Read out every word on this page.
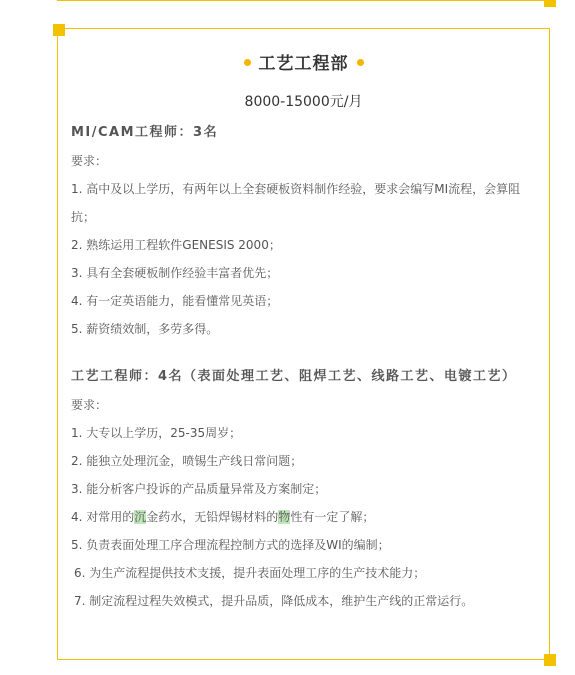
工艺工程部
8000-15000元/月
MI/CAM工程师：3名
要求：
1. 高中及以上学历，有两年以上全套硬板资料制作经验，要求会编写MI流程，会算阻抗；
2. 熟练运用工程软件GENESIS 2000；
3. 具有全套硬板制作经验丰富者优先；
4. 有一定英语能力，能看懂常见英语；
5. 薪资绩效制，多劳多得。
工艺工程师：4名（表面处理工艺、阻焊工艺、线路工艺、电镀工艺）
要求：
1. 大专以上学历，25-35周岁；
2. 能独立处理沉金，喷锡生产线日常问题；
3. 能分析客户投诉的产品质量异常及方案制定；
4. 对常用的沉金药水，无铅焊锡材料的物性有一定了解；
5. 负责表面处理工序合理流程控制方式的选择及WI的编制；
6. 为生产流程提供技术支援，提升表面处理工序的生产技术能力；
7. 制定流程过程失效模式，提升品质，降低成本，维护生产线的正常运行。
